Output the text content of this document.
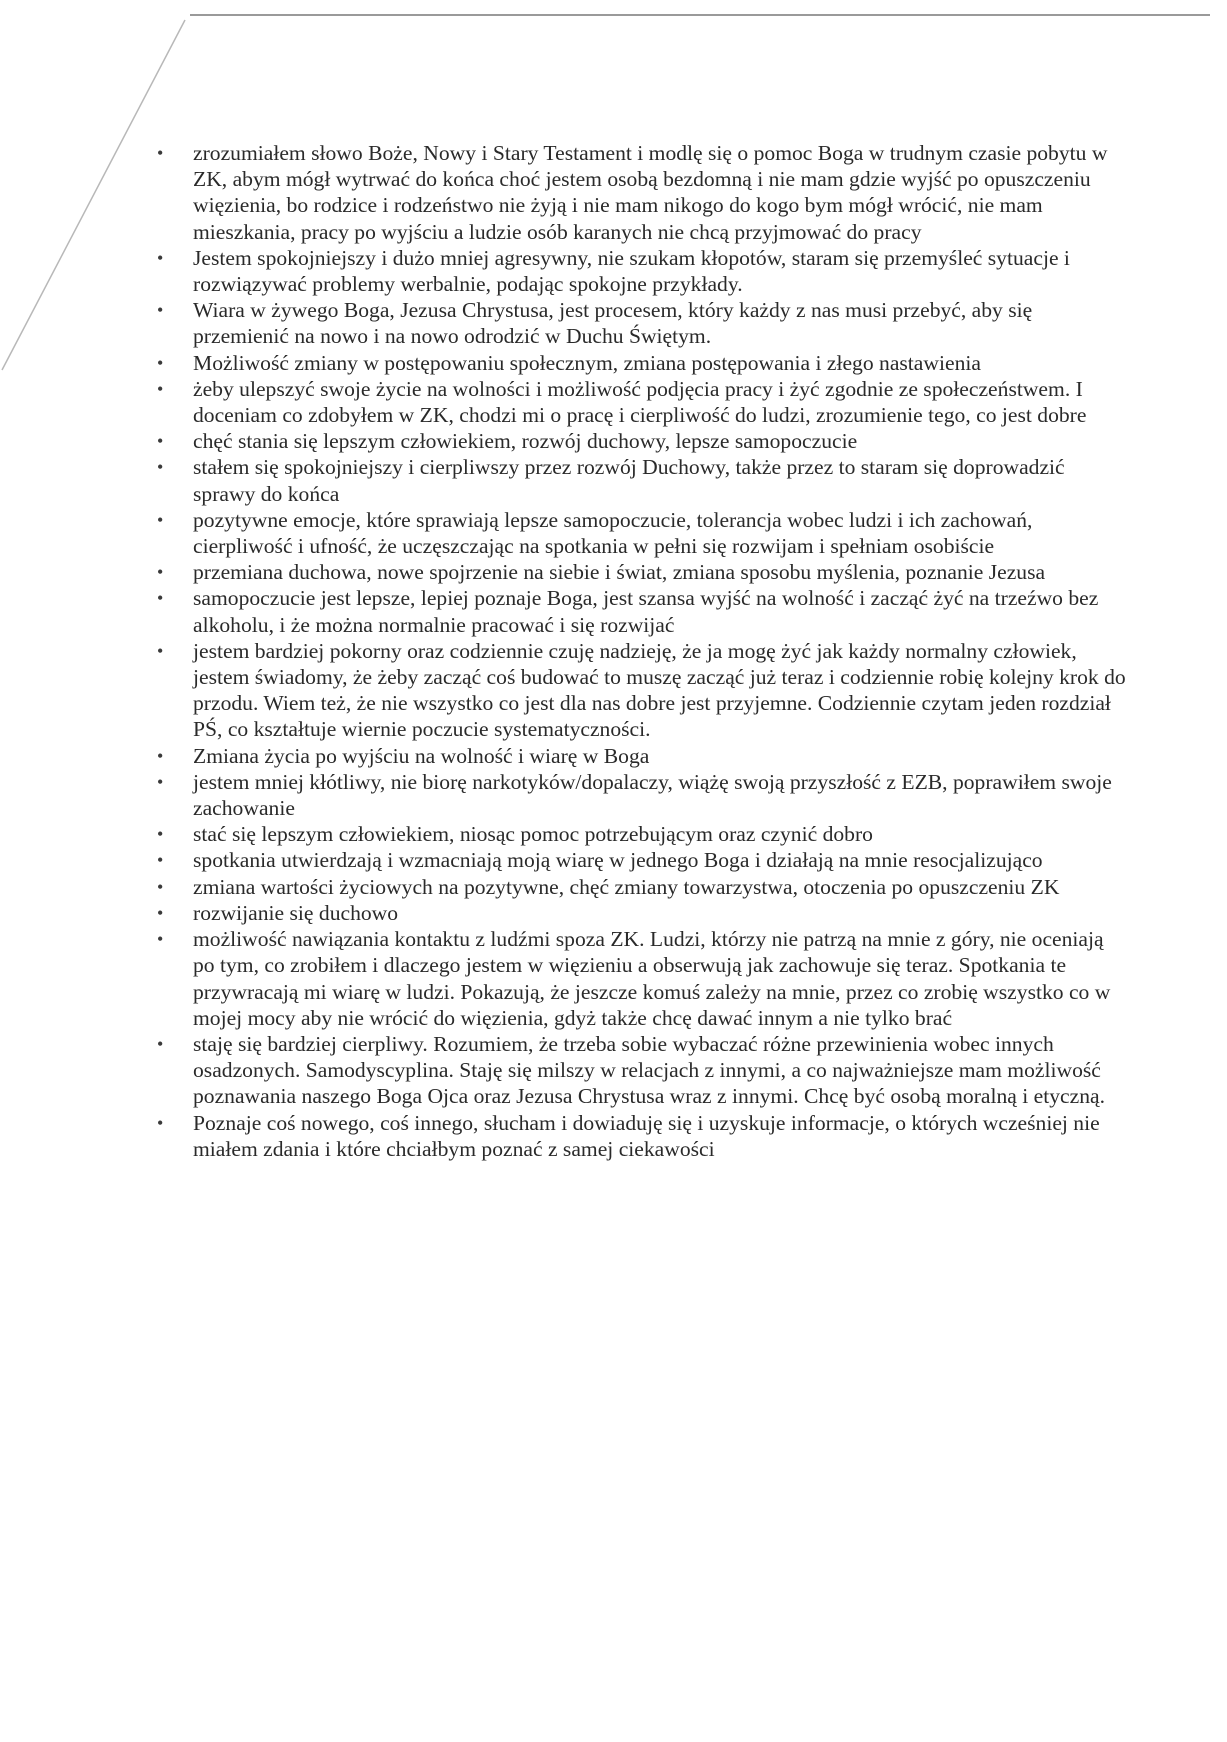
• zrozumiałem słowo Boże, Nowy i Stary Testament i modlę się o pomoc Boga w trudnym czasie pobytu w ZK, abym mógł wytrwać do końca choć jestem osobą bezdomną i nie mam gdzie wyjść po opuszczeniu więzienia, bo rodzice i rodzeństwo nie żyją i nie mam nikogo do kogo bym mógł wrócić, nie mam mieszkania, pracy po wyjściu a ludzie osób karanych nie chcą przyjmować do pracy
• Jestem spokojniejszy i dużo mniej agresywny, nie szukam kłopotów, staram się przemyśleć sytuacje i rozwiązywać problemy werbalnie, podając spokojne przykłady.
• Wiara w żywego Boga, Jezusa Chrystusa, jest procesem, który każdy z nas musi przebyć, aby się przemienić na nowo i na nowo odrodzić w Duchu Świętym.
• Możliwość zmiany w postępowaniu społecznym, zmiana postępowania i złego nastawienia
• żeby ulepszyć swoje życie na wolności i możliwość podjęcia pracy i żyć zgodnie ze społeczeństwem. I doceniam co zdobyłem w ZK, chodzi mi o pracę i cierpliwość do ludzi, zrozumienie tego, co jest dobre
• chęć stania się lepszym człowiekiem, rozwój duchowy, lepsze samopoczucie
• stałem się spokojniejszy i cierpliwszy przez rozwój Duchowy, także przez to staram się doprowadzić sprawy do końca
• pozytywne emocje, które sprawiają lepsze samopoczucie, tolerancja wobec ludzi i ich zachowań, cierpliwość i ufność, że uczęszczając na spotkania w pełni się rozwijam i spełniam osobiście
• przemiana duchowa, nowe spojrzenie na siebie i świat, zmiana sposobu myślenia, poznanie Jezusa
• samopoczucie jest lepsze, lepiej poznaje Boga, jest szansa wyjść na wolność i zacząć żyć na trzeźwo bez alkoholu, i że można normalnie pracować i się rozwijać
• jestem bardziej pokorny oraz codziennie czuję nadzieję, że ja mogę żyć jak każdy normalny człowiek, jestem świadomy, że żeby zacząć coś budować to muszę zacząć już teraz i codziennie robię kolejny krok do przodu. Wiem też, że nie wszystko co jest dla nas dobre jest przyjemne. Codziennie czytam jeden rozdział PŚ, co kształtuje wiernie poczucie systematyczności.
• Zmiana życia po wyjściu na wolność i wiarę w Boga
• jestem mniej kłótliwy, nie biorę narkotyków/dopalaczy, wiążę swoją przyszłość z EZB, poprawiłem swoje zachowanie
• stać się lepszym człowiekiem, niosąc pomoc potrzebującym oraz czynić dobro
• spotkania utwierdzają i wzmacniają moją wiarę w jednego Boga i działają na mnie resocjalizująco
• zmiana wartości życiowych na pozytywne, chęć zmiany towarzystwa, otoczenia po opuszczeniu ZK
• rozwijanie się duchowo
• możliwość nawiązania kontaktu z ludźmi spoza ZK. Ludzi, którzy nie patrzą na mnie z góry, nie oceniają po tym, co zrobiłem i dlaczego jestem w więzieniu a obserwują jak zachowuje się teraz. Spotkania te przywracają mi wiarę w ludzi. Pokazują, że jeszcze komuś zależy na mnie, przez co zrobię wszystko co w mojej mocy aby nie wrócić do więzienia, gdyż także chcę dawać innym a nie tylko brać
• staję się bardziej cierpliwy. Rozumiem, że trzeba sobie wybaczać różne przewinienia wobec innych osadzonych. Samodyscyplina. Staję się milszy w relacjach z innymi, a co najważniejsze mam możliwość poznawania naszego Boga Ojca oraz Jezusa Chrystusa wraz z innymi. Chcę być osobą moralną i etyczną.
• Poznaje coś nowego, coś innego, słucham i dowiaduję się i uzyskuje informacje, o których wcześniej nie miałem zdania i które chciałbym poznać z samej ciekawości
